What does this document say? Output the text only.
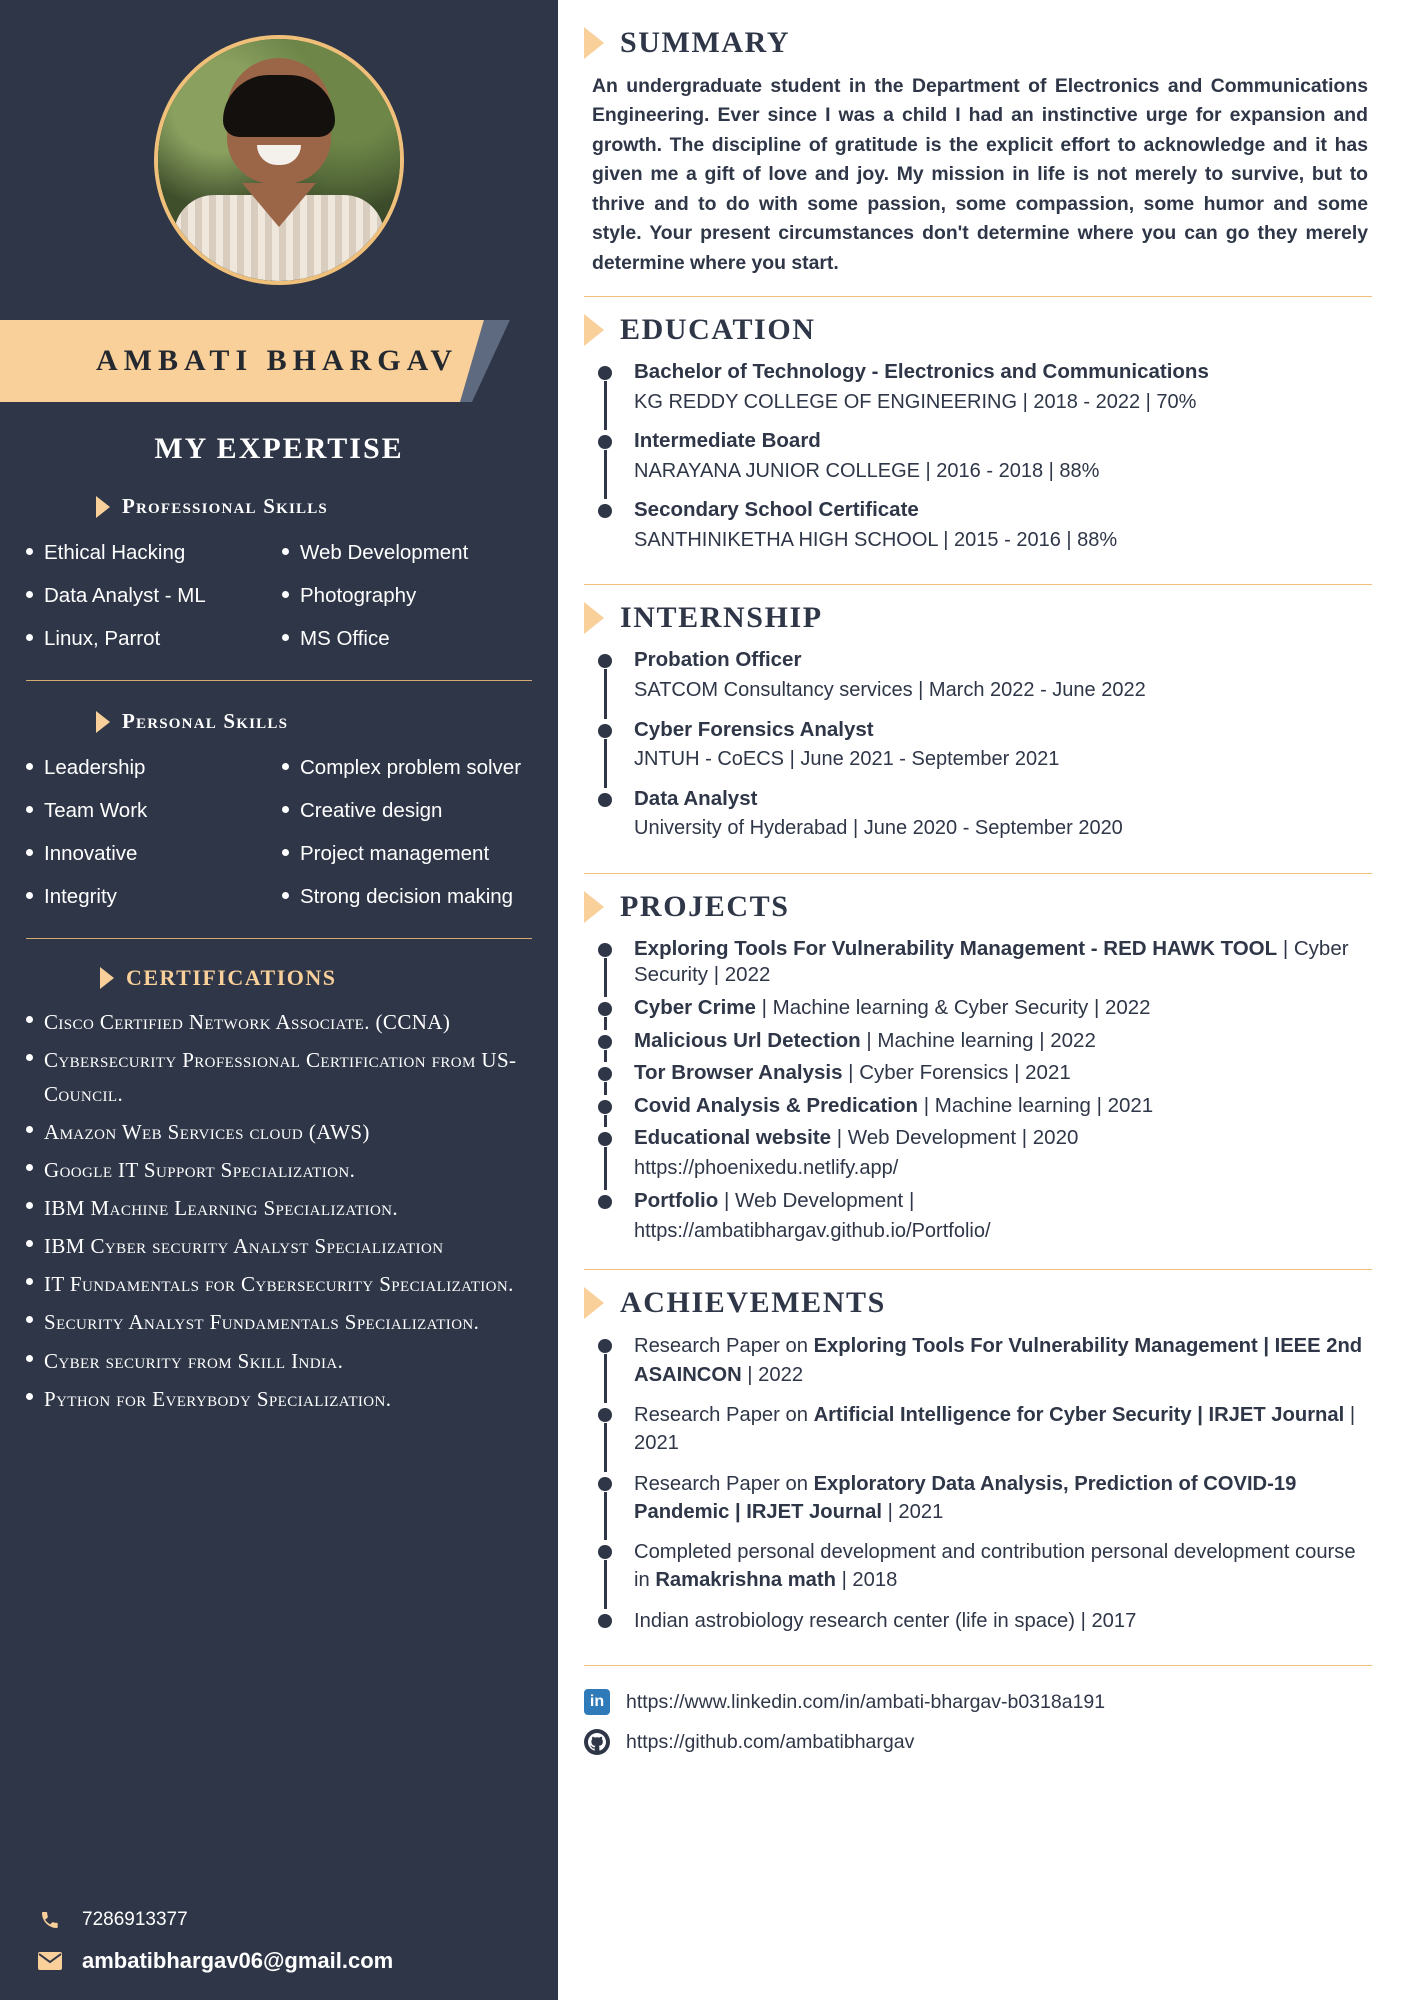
AMBATI BHARGAV
MY EXPERTISE
Professional Skills
Ethical Hacking	Web Development
Data Analyst - ML	Photography
Linux, Parrot	MS Office
Personal Skills
Leadership	Complex problem solver
Team Work	Creative design
Innovative	Project management
Integrity	Strong decision making
CERTIFICATIONS
Cisco Certified Network Associate. (CCNA)
Cybersecurity Professional Certification from US-Council.
Amazon Web Services cloud (AWS)
Google IT Support Specialization.
IBM Machine Learning Specialization.
IBM Cyber security Analyst Specialization
IT Fundamentals for Cybersecurity Specialization.
Security Analyst Fundamentals Specialization.
Cyber security from Skill India.
Python for Everybody Specialization.
7286913377
ambatibhargav06@gmail.com
SUMMARY

An undergraduate student in the Department of Electronics and Communications Engineering. Ever since I was a child I had an instinctive urge for expansion and growth. The discipline of gratitude is the explicit effort to acknowledge and it has given me a gift of love and joy. My mission in life is not merely to survive, but to thrive and to do with some passion, some compassion, some humor and some style. Your present circumstances don't determine where you can go they merely determine where you start.

EDUCATION
Bachelor of Technology - Electronics and Communications
KG REDDY COLLEGE OF ENGINEERING | 2018 - 2022 | 70%
Intermediate Board
NARAYANA JUNIOR COLLEGE | 2016 - 2018 | 88%
Secondary School Certificate
SANTHINIKETHA HIGH SCHOOL | 2015 - 2016 | 88%
INTERNSHIP
Probation Officer
SATCOM Consultancy services | March 2022 - June 2022
Cyber Forensics Analyst
JNTUH - CoECS | June 2021 - September 2021
Data Analyst
University of Hyderabad | June 2020 - September 2020
PROJECTS
Exploring Tools For Vulnerability Management - RED HAWK TOOL | Cyber Security | 2022
Cyber Crime | Machine learning & Cyber Security | 2022
Malicious Url Detection | Machine learning | 2022
Tor Browser Analysis | Cyber Forensics | 2021
Covid Analysis & Predication | Machine learning | 2021
Educational website | Web Development | 2020
https://phoenixedu.netlify.app/
Portfolio | Web Development |
https://ambatibhargav.github.io/Portfolio/
ACHIEVEMENTS
Research Paper on Exploring Tools For Vulnerability Management | IEEE 2nd ASAINCON | 2022
Research Paper on Artificial Intelligence for Cyber Security | IRJET Journal | 2021
Research Paper on Exploratory Data Analysis, Prediction of COVID-19 Pandemic | IRJET Journal | 2021
Completed personal development and contribution personal development course in Ramakrishna math | 2018
Indian astrobiology research center (life in space) | 2017
in https://www.linkedin.com/in/ambati-bhargav-b0318a191
https://github.com/ambatibhargav
